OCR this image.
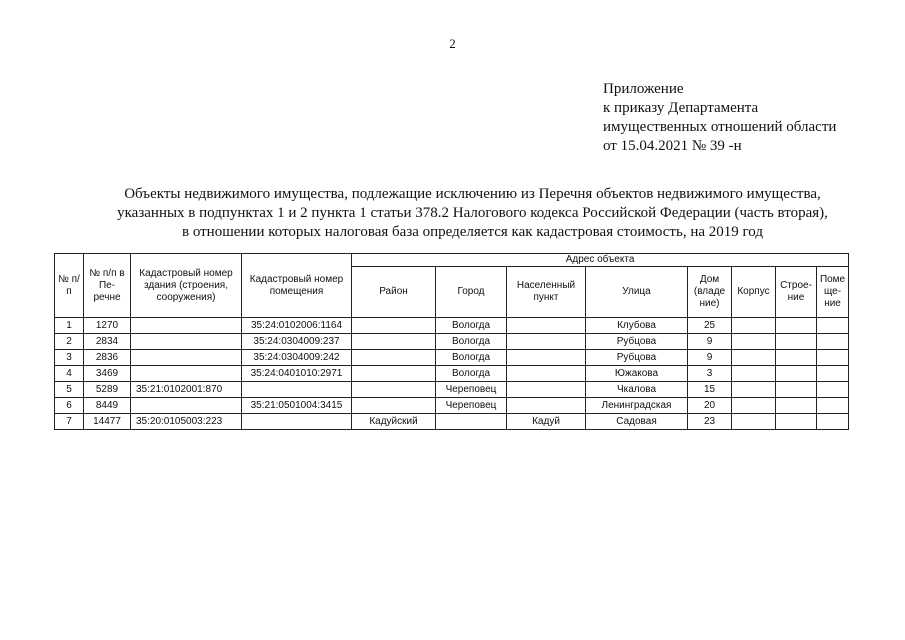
2
Приложение
к приказу Департамента
имущественных отношений области
от 15.04.2021 № 39 -н
Объекты недвижимого имущества, подлежащие исключению из Перечня объектов недвижимого имущества,
указанных в подпунктах 1 и 2 пункта 1 статьи 378.2 Налогового кодекса Российской Федерации (часть вторая),
в отношении которых налоговая база определяется как кадастровая стоимость, на 2019 год
№ п/п	№ п/п в Пе-речне	Кадастровый номер здания (строения, сооружения)	Кадастровый номер помещения	Адрес объекта							
				Район	Город	Населенный пункт	Улица	Дом (владе ние)	Корпус	Строе-ние	Поме ще-ние
1	1270		35:24:0102006:1164		Вологда		Клубова	25			
2	2834		35:24:0304009:237		Вологда		Рубцова	9			
3	2836		35:24:0304009:242		Вологда		Рубцова	9			
4	3469		35:24:0401010:2971		Вологда		Южакова	3			
5	5289	35:21:0102001:870			Череповец		Чкалова	15			
6	8449		35:21:0501004:3415		Череповец		Ленинградская	20			
7	14477	35:20:0105003:223		Кадуйский		Кадуй	Садовая	23			
